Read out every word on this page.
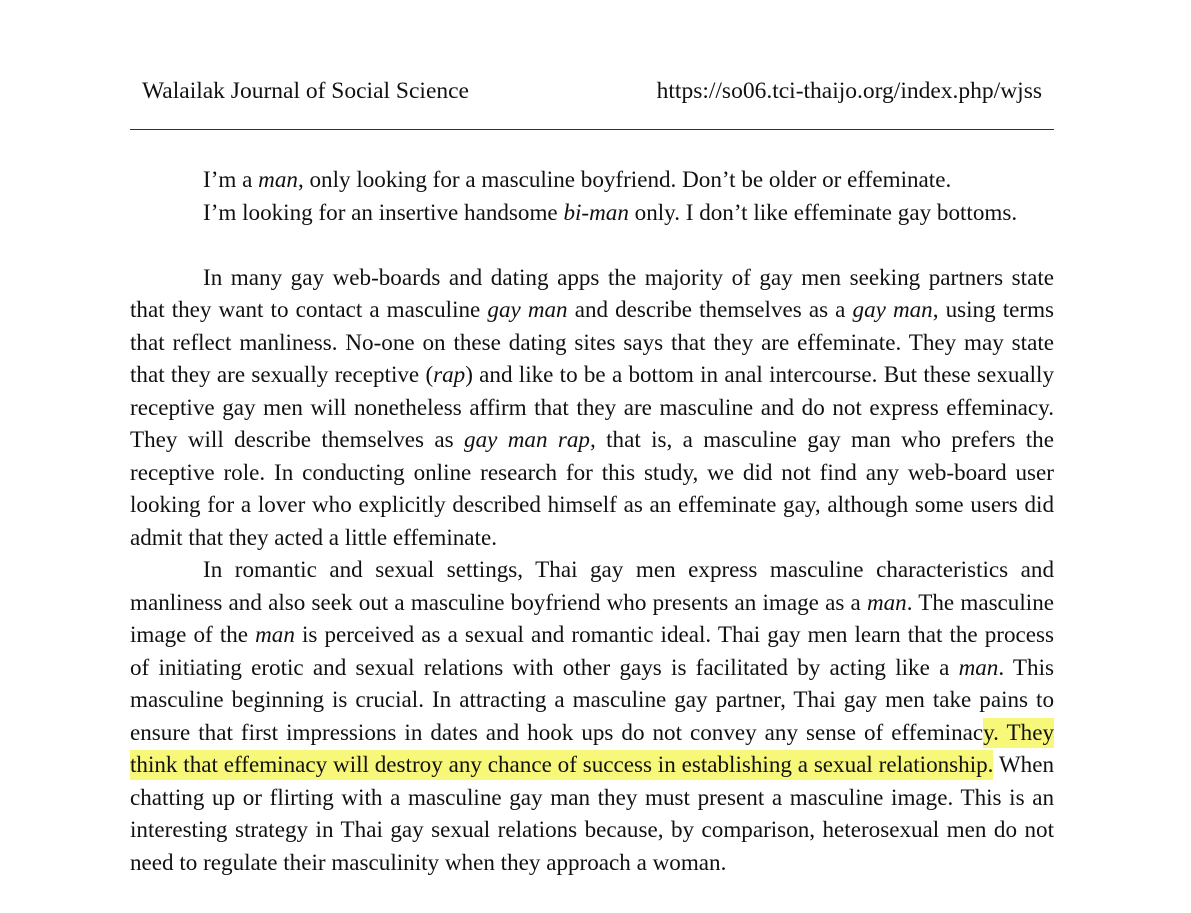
Walailak Journal of Social Science	https://so06.tci-thaijo.org/index.php/wjss

I’m a man, only looking for a masculine boyfriend. Don’t be older or effeminate.

I’m looking for an insertive handsome bi-man only. I don’t like effeminate gay bottoms.

In many gay web-boards and dating apps the majority of gay men seeking partners state that they want to contact a masculine gay man and describe themselves as a gay man, using terms that reflect manliness. No-one on these dating sites says that they are effeminate. They may state that they are sexually receptive (rap) and like to be a bottom in anal intercourse. But these sexually receptive gay men will nonetheless affirm that they are masculine and do not express effeminacy. They will describe themselves as gay man rap, that is, a masculine gay man who prefers the receptive role. In conducting online research for this study, we did not find any web-board user looking for a lover who explicitly described himself as an effeminate gay, although some users did admit that they acted a little effeminate.

In romantic and sexual settings, Thai gay men express masculine characteristics and manliness and also seek out a masculine boyfriend who presents an image as a man. The masculine image of the man is perceived as a sexual and romantic ideal. Thai gay men learn that the process of initiating erotic and sexual relations with other gays is facilitated by acting like a man. This masculine beginning is crucial. In attracting a masculine gay partner, Thai gay men take pains to ensure that first impressions in dates and hook ups do not convey any sense of effeminacy. They think that effeminacy will destroy any chance of success in establishing a sexual relationship. When chatting up or flirting with a masculine gay man they must present a masculine image. This is an interesting strategy in Thai gay sexual relations because, by comparison, heterosexual men do not need to regulate their masculinity when they approach a woman.
